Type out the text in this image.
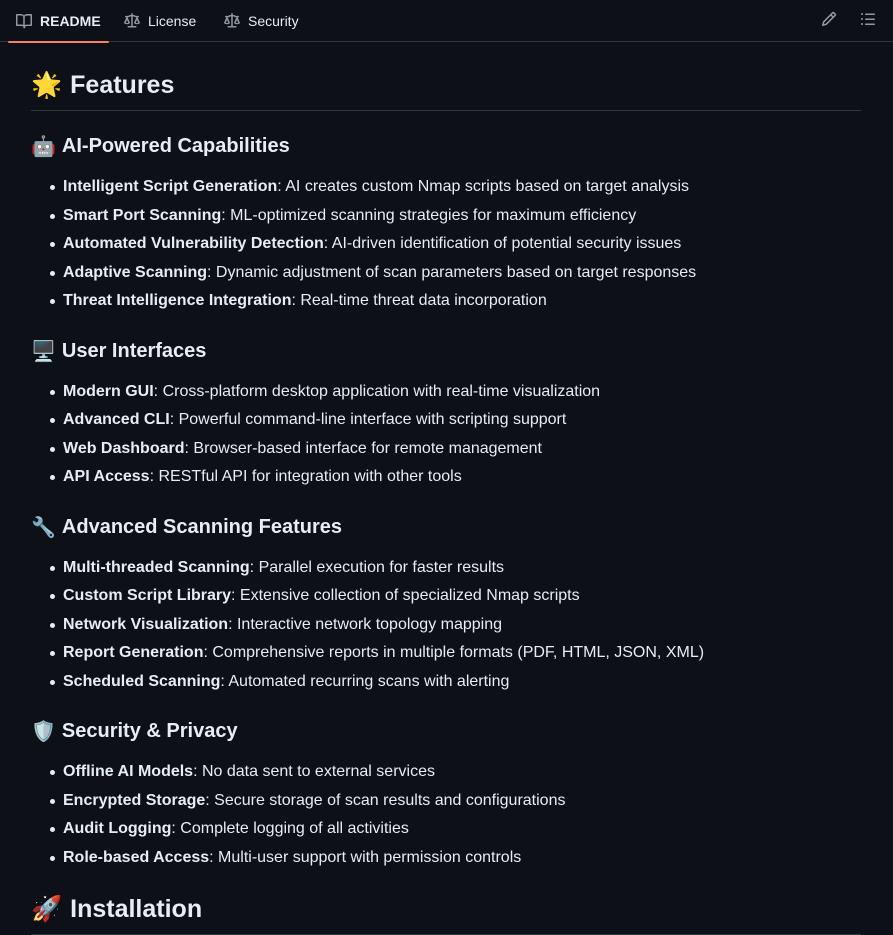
README	License	Security
🌟 Features
🤖 AI-Powered Capabilities
Intelligent Script Generation: AI creates custom Nmap scripts based on target analysis
Smart Port Scanning: ML-optimized scanning strategies for maximum efficiency
Automated Vulnerability Detection: AI-driven identification of potential security issues
Adaptive Scanning: Dynamic adjustment of scan parameters based on target responses
Threat Intelligence Integration: Real-time threat data incorporation
🖥️ User Interfaces
Modern GUI: Cross-platform desktop application with real-time visualization
Advanced CLI: Powerful command-line interface with scripting support
Web Dashboard: Browser-based interface for remote management
API Access: RESTful API for integration with other tools
🔧 Advanced Scanning Features
Multi-threaded Scanning: Parallel execution for faster results
Custom Script Library: Extensive collection of specialized Nmap scripts
Network Visualization: Interactive network topology mapping
Report Generation: Comprehensive reports in multiple formats (PDF, HTML, JSON, XML)
Scheduled Scanning: Automated recurring scans with alerting
🛡️ Security & Privacy
Offline AI Models: No data sent to external services
Encrypted Storage: Secure storage of scan results and configurations
Audit Logging: Complete logging of all activities
Role-based Access: Multi-user support with permission controls
🚀 Installation
